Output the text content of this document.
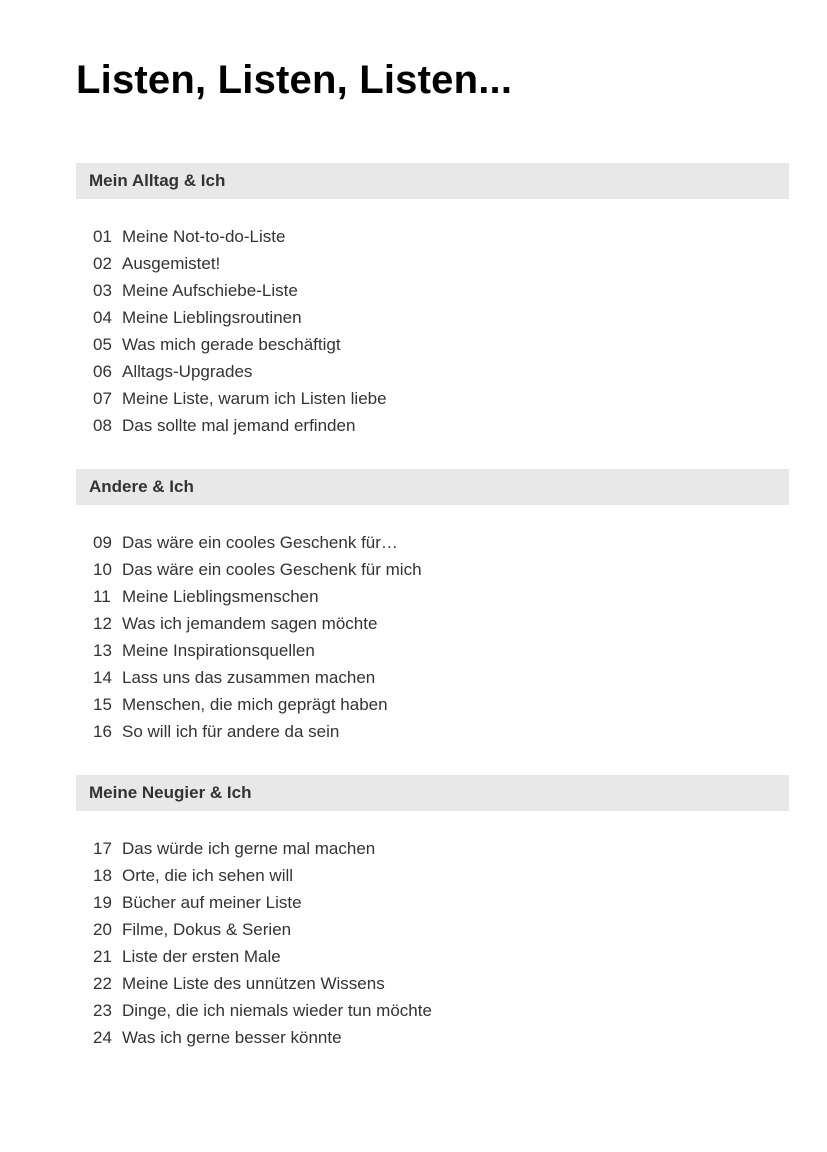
Listen, Listen, Listen...
Mein Alltag & Ich
01 Meine Not-to-do-Liste
02 Ausgemistet!
03 Meine Aufschiebe-Liste
04 Meine Lieblingsroutinen
05 Was mich gerade beschäftigt
06 Alltags-Upgrades
07 Meine Liste, warum ich Listen liebe
08 Das sollte mal jemand erfinden
Andere & Ich
09 Das wäre ein cooles Geschenk für…
10 Das wäre ein cooles Geschenk für mich
11 Meine Lieblingsmenschen
12 Was ich jemandem sagen möchte
13 Meine Inspirationsquellen
14 Lass uns das zusammen machen
15 Menschen, die mich geprägt haben
16 So will ich für andere da sein
Meine Neugier & Ich
17 Das würde ich gerne mal machen
18 Orte, die ich sehen will
19 Bücher auf meiner Liste
20 Filme, Dokus & Serien
21 Liste der ersten Male
22 Meine Liste des unnützen Wissens
23 Dinge, die ich niemals wieder tun möchte
24 Was ich gerne besser könnte
